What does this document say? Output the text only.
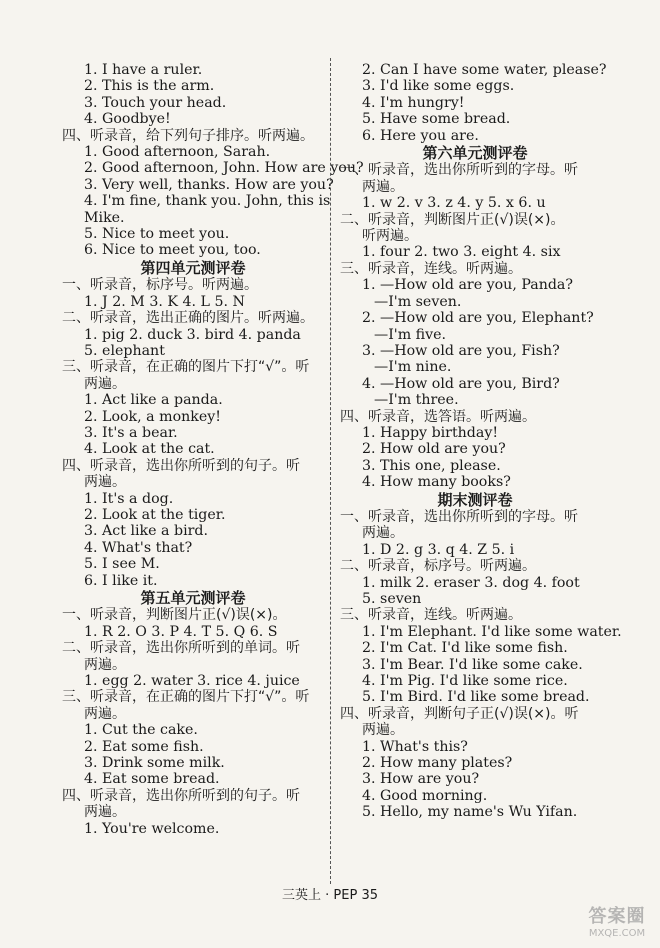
1. I have a ruler.
2. This is the arm.
3. Touch your head.
4. Goodbye!
四、听录音，给下列句子排序。听两遍。
1. Good afternoon, Sarah.
2. Good afternoon, John. How are you?
3. Very well, thanks. How are you?
4. I'm fine, thank you. John, this is
Mike.
5. Nice to meet you.
6. Nice to meet you, too.
第四单元测评卷
一、听录音，标序号。听两遍。
1. J 2. M 3. K 4. L 5. N
二、听录音，选出正确的图片。听两遍。
1. pig 2. duck 3. bird 4. panda
5. elephant
三、听录音，在正确的图片下打“√”。听
两遍。
1. Act like a panda.
2. Look, a monkey!
3. It's a bear.
4. Look at the cat.
四、听录音，选出你所听到的句子。听
两遍。
1. It's a dog.
2. Look at the tiger.
3. Act like a bird.
4. What's that?
5. I see M.
6. I like it.
第五单元测评卷
一、听录音，判断图片正(√)误(×)。
1. R 2. O 3. P 4. T 5. Q 6. S
二、听录音，选出你所听到的单词。听
两遍。
1. egg 2. water 3. rice 4. juice
三、听录音，在正确的图片下打“√”。听
两遍。
1. Cut the cake.
2. Eat some fish.
3. Drink some milk.
4. Eat some bread.
四、听录音，选出你所听到的句子。听
两遍。
1. You're welcome.
2. Can I have some water, please?
3. I'd like some eggs.
4. I'm hungry!
5. Have some bread.
6. Here you are.
第六单元测评卷
一、听录音，选出你所听到的字母。听
两遍。
1. w 2. v 3. z 4. y 5. x 6. u
二、听录音，判断图片正(√)误(×)。
听两遍。
1. four 2. two 3. eight 4. six
三、听录音，连线。听两遍。
1. —How old are you, Panda?
—I'm seven.
2. —How old are you, Elephant?
—I'm five.
3. —How old are you, Fish?
—I'm nine.
4. —How old are you, Bird?
—I'm three.
四、听录音，选答语。听两遍。
1. Happy birthday!
2. How old are you?
3. This one, please.
4. How many books?
期末测评卷
一、听录音，选出你所听到的字母。听
两遍。
1. D 2. g 3. q 4. Z 5. i
二、听录音，标序号。听两遍。
1. milk 2. eraser 3. dog 4. foot
5. seven
三、听录音，连线。听两遍。
1. I'm Elephant. I'd like some water.
2. I'm Cat. I'd like some fish.
3. I'm Bear. I'd like some cake.
4. I'm Pig. I'd like some rice.
5. I'm Bird. I'd like some bread.
四、听录音，判断句子正(√)误(×)。听
两遍。
1. What's this?
2. How many plates?
3. How are you?
4. Good morning.
5. Hello, my name's Wu Yifan.
三英上 · PEP 35
答案圈
MXQE.COM
